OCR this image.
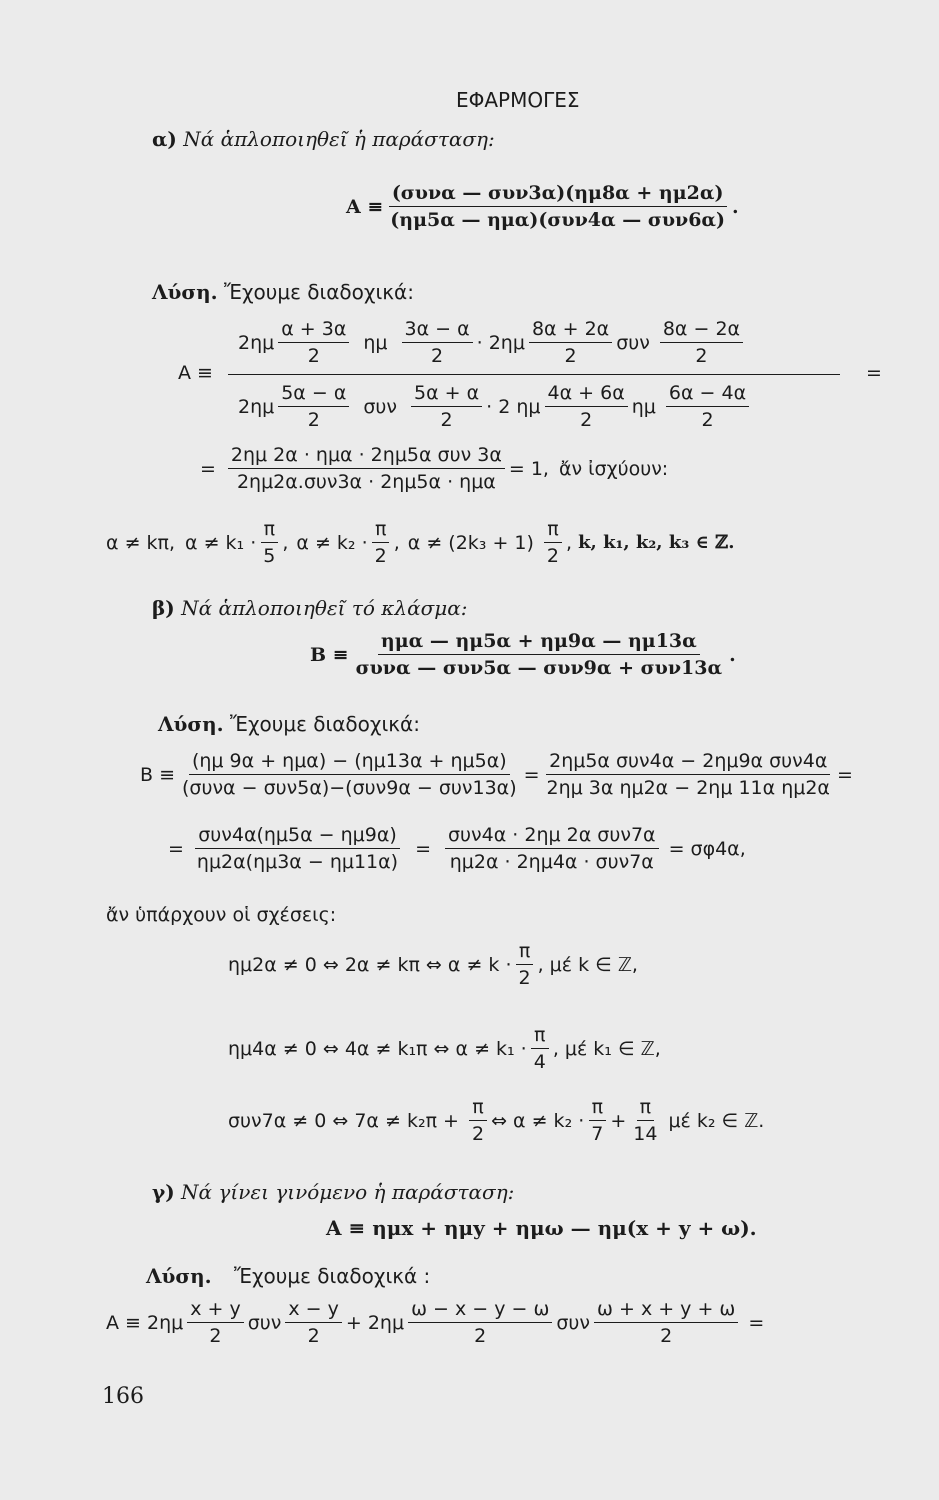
ΕΦΑΡΜΟΓΕΣ
α) Νά ἁπλοποιηθεῖ ἡ παράσταση:
$A \equiv \frac{\text{(συνα — συν3α)(ημ8α + ημ2α)}}{\text{(ημ5α — ημα)(συν4α — συν6α)}}$ .
Λύση. Ἔχουμε διαδοχικά:
A ≡
$2\eta\mu \frac{\alpha + 3\alpha}{2}$ ημ $\frac{3\alpha - \alpha}{2} \cdot 2\eta\mu \frac{8\alpha + 2\alpha}{2}$ συν $\frac{8\alpha - 2\alpha}{2}$
$2\eta\mu \frac{5\alpha - \alpha}{2}$ συν $\frac{5\alpha + \alpha}{2} \cdot 2$ ημ $\frac{4\alpha + 6\alpha}{2}$ ημ $\frac{6\alpha - 4\alpha}{2}$
=
= $\frac{\text{2ημ 2α · ημα · 2ημ5α συν 3α}}{\text{2ημ2α.συν3α · 2ημ5α · ημα}} = 1$, ἄν ἰσχύουν:
α ≠ kπ, $\alpha \ne k_1 \cdot \frac{\pi}{5}$ , $\alpha \ne k_2 \cdot \frac{\pi}{2}$ , $\alpha \ne (2k_3 + 1) \frac{\pi}{2}$ , k, k₁, k₂, k₃ ∈ ℤ.
β) Νά ἁπλοποιηθεῖ τό κλάσμα:
$B \equiv \frac{\text{ημα — ημ5α + ημ9α — ημ13α}}{\text{συνα — συν5α — συν9α + συν13α}}$ .
Λύση. Ἔχουμε διαδοχικά:
$B \equiv \frac{\text{(ημ 9α + ημα) − (ημ13α + ημ5α)}}{\text{(συνα − συν5α)−(συν9α − συν13α)}} = \frac{\text{2ημ5α συν4α − 2ημ9α συν4α}}{\text{2ημ 3α ημ2α − 2ημ 11α ημ2α}}$ =
= $\frac{\text{συν4α(ημ5α − ημ9α)}}{\eta\mu 2\alpha(\eta\mu 3\alpha - \eta\mu 11\alpha)} = \frac{\text{συν4α · 2ημ 2α συν7α}}{\text{ημ2α · 2ημ4α · συν7α}} = \sigma\varphi 4\alpha$,
ἄν ὑπάρχουν οἱ σχέσεις:
ημ2α ≠ 0 ⇔ 2α ≠ kπ ⇔ $\alpha \ne k \cdot \frac{\pi}{2}$ , μέ k ∈ ℤ,
ημ4α ≠ 0 ⇔ 4α ≠ k₁π ⇔ $\alpha \ne k_1 \cdot \frac{\pi}{4}$ , μέ k₁ ∈ ℤ,
συν7α ≠ 0 ⇔ $7\alpha \ne k_2\pi + \frac{\pi}{2}$ ⇔ $\alpha \ne k_2 \cdot \frac{\pi}{7} + \frac{\pi}{14}$ μέ k₂ ∈ ℤ.
γ) Νά γίνει γινόμενο ἡ παράσταση:
A ≡ ημx + ημy + ημω — ημ(x + y + ω).
Λύση. Ἔχουμε διαδοχικά :
$A \equiv 2\eta\mu \frac{x + y}{2}$ συν $\frac{x - y}{2} + 2\eta\mu \frac{\omega - x - y - \omega}{2}$ συν $\frac{\omega + x + y + \omega}{2}$ =
166
